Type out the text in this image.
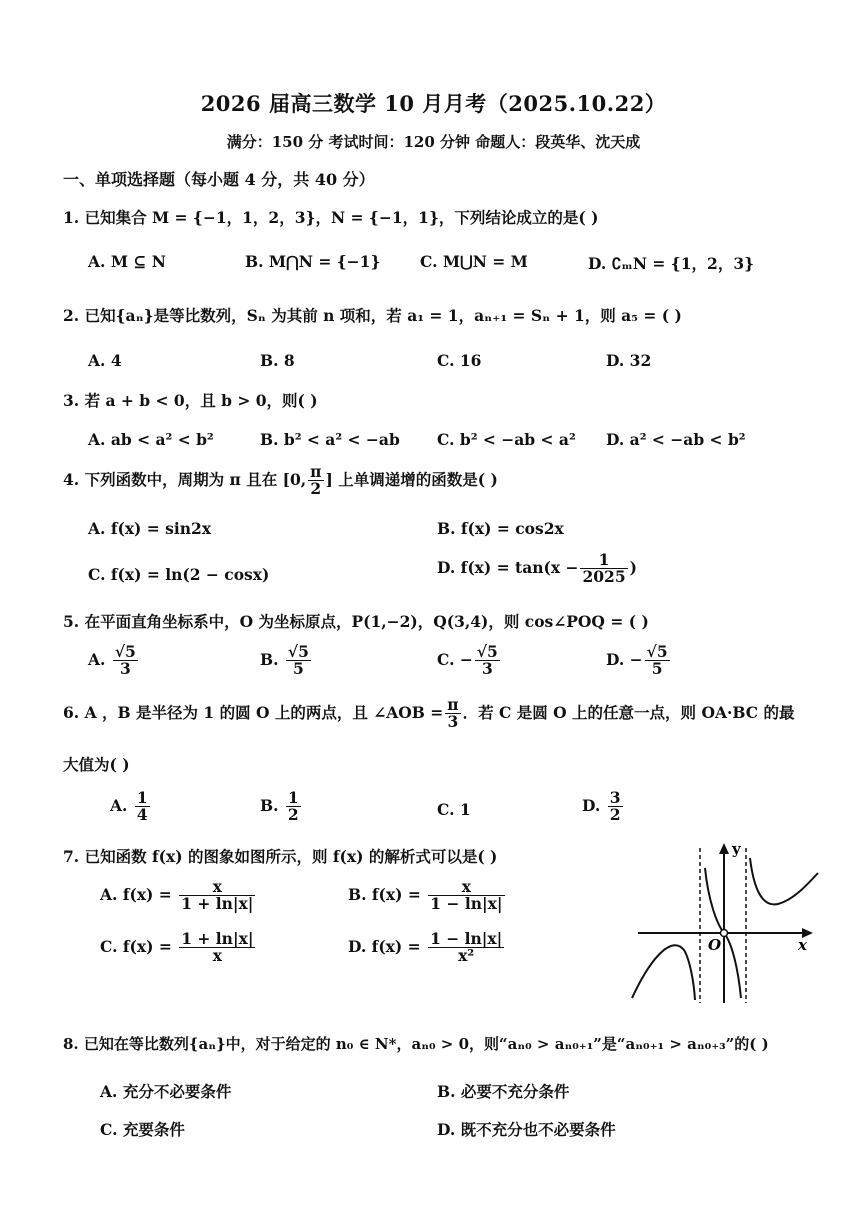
2026 届高三数学 10 月月考（2025.10.22）
满分：150 分 考试时间：120 分钟 命题人：段英华、沈天成
一、单项选择题（每小题 4 分，共 40 分）
1. 已知集合 M = {−1，1，2，3}，N = {−1，1}，下列结论成立的是( )
A. M ⊆ N	B. M⋂N = {−1}	C. M⋃N = M	D. ∁ₘN = {1，2，3}
2. 已知{aₙ}是等比数列，Sₙ 为其前 n 项和，若 a₁ = 1，aₙ₊₁ = Sₙ + 1，则 a₅ = ( )
A. 4	B. 8	C. 16	D. 32
3. 若 a + b < 0，且 b > 0，则( )
A. ab < a² < b²	B. b² < a² < −ab C. b² < −ab < a² D. a² < −ab < b²
4. 下列函数中，周期为 π 且在 [0, $\frac{\pi}{2}$ ] 上单调递增的函数是( )
A. f(x) = sin2x	B. f(x) = cos2x
C. f(x) = ln(2 − cosx)	D. $f(x) = \tan(x - \frac{1}{2025}$ )
5. 在平面直角坐标系中，O 为坐标原点，P(1,−2)，Q(3,4)，则 cos∠POQ = ( )
A. $\frac{√5}{3}$	B. $\frac{√5}{5}$	C. − $\frac{√5}{3}$	D. − $\frac{√5}{5}$
6. A ，B 是半径为 1 的圆 O 上的两点，且 ∠AOB = $\frac{\pi}{3}$ ．若 C 是圆 O 上的任意一点，则 OA·BC 的最
大值为( )
A. $\frac{1}{4}$	B. $\frac{1}{2}$	C. 1	D. $\frac{3}{2}$
7. 已知函数 f(x) 的图象如图所示，则 f(x) 的解析式可以是( )
A. $f(x) = \frac{x}{1 + \ln|x|}$	B. $f(x) = \frac{x}{1 - \ln|x|}$
C. $f(x) = \frac{1 + \ln|x|}{x}$	D. $f(x) = \frac{1 - \ln|x|}{\text{x²}}$
y
x
O
8. 已知在等比数列{aₙ}中，对于给定的 n₀ ∈ N*，aₙ₀ > 0，则“aₙ₀ > aₙ₀₊₁”是“aₙ₀₊₁ > aₙ₀₊₃”的( )
A. 充分不必要条件	B. 必要不充分条件
C. 充要条件	D. 既不充分也不必要条件
